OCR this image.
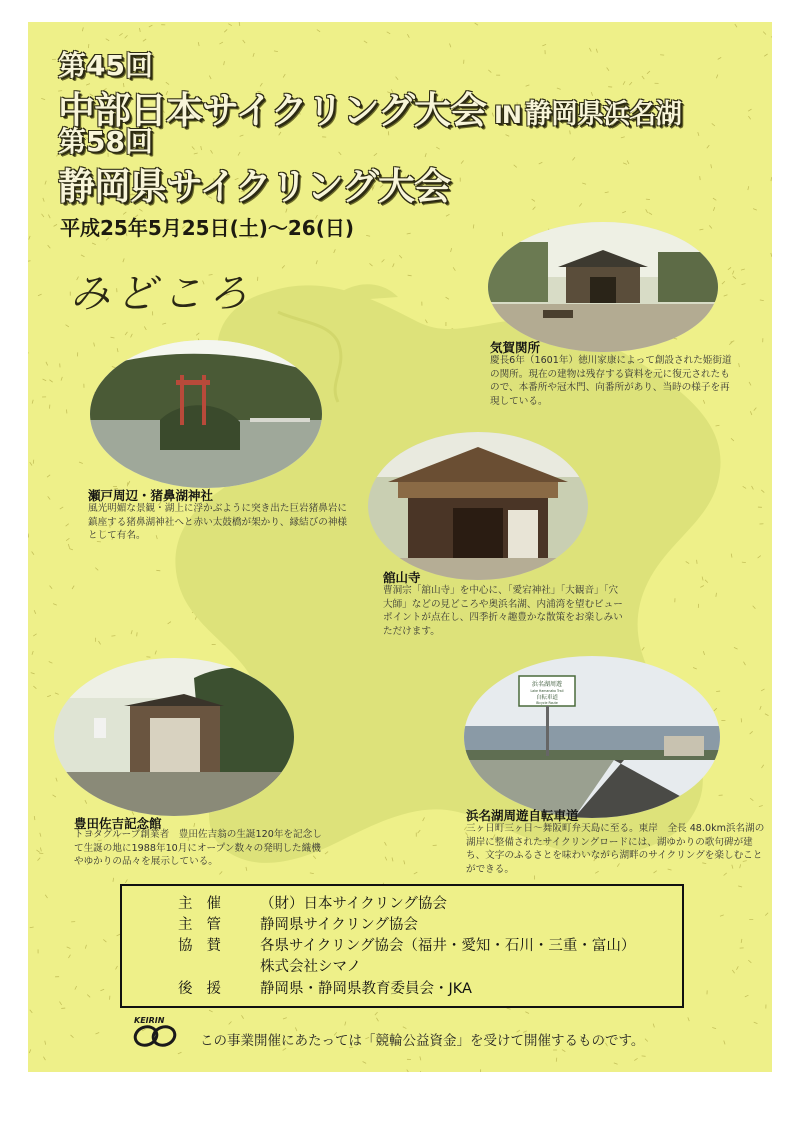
第45回
中部日本サイクリング大会 IN 静岡県浜名湖
第58回
静岡県サイクリング大会
平成25年5月25日(土)〜26(日)
みどころ
気賀関所
慶長6年（1601年）徳川家康によって創設された姫街道の関所。現在の建物は残存する資料を元に復元されたもので、本番所や冠木門、向番所があり、当時の様子を再現している。
瀬戸周辺・猪鼻湖神社
風光明媚な景観・湖上に浮かぶように突き出た巨岩猪鼻岩に鎮座する猪鼻湖神社へと赤い太鼓橋が架かり、縁結びの神様として有名。
舘山寺
曹洞宗「舘山寺」を中心に、「愛宕神社」「大観音」「穴大師」などの見どころや奥浜名湖、内浦湾を望むビューポイントが点在し、四季折々趣豊かな散策をお楽しみいただけます。
豊田佐吉記念館
トヨタグループ創業者　豊田佐吉翁の生誕120年を記念して生誕の地に1988年10月にオープン数々の発明した織機やゆかりの品々を展示している。
浜名湖周遊
Lake Hamanako Trail
自転車道
Bicycle Route
浜名湖周遊自転車道
三ヶ日町三ヶ日〜舞阪町弁天島に至る。東岸　全長 48.0km浜名湖の湖岸に整備されたサイクリングロードには、湖ゆかりの歌句碑が建ち、文字のふるさとを味わいながら湖畔のサイクリングを楽しむことができる。
主催 （財）日本サイクリング協会
主管 静岡県サイクリング協会
協賛 各県サイクリング協会（福井・愛知・石川・三重・富山）
株式会社シマノ
後援 静岡県・静岡県教育委員会・JKA
KEIRIN
この事業開催にあたっては「競輪公益資金」を受けて開催するものです。
